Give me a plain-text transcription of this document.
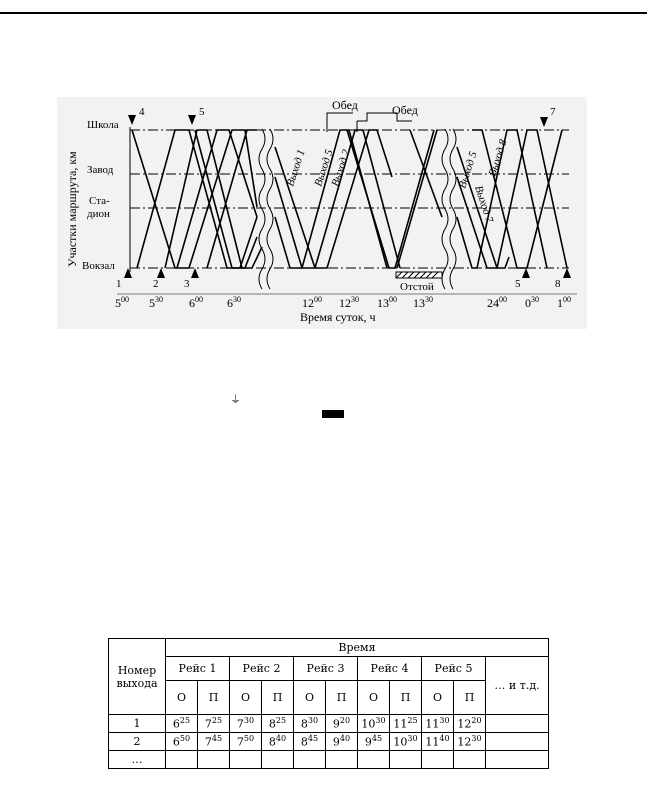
Участки маршрута, км
Школа
Завод
Ста-
дион
Вокзал
4	5	7
1	2 3	5	8
Обед	Обед
Отстой
Выход 1 Выход 5
Выход 2	Выход 5 Выход 8
Выход 7
$5^{00}$ $5^{30}$ $6^{00}$ $6^{30}$	$12^{00}$ $12^{30}$ $13^{00}$ $13^{30}$	$24^{00}$ $0^{30}$ $1^{00}$
Время суток, ч
⏚
Номер выхода	Время										
	Рейс 1		Рейс 2		Рейс 3		Рейс 4		Рейс 5		… и т.д.
	О	П	О	П	О	П	О	П	О	П	
1	$6^{25}$	$7^{25}$	$7^{30}$	$8^{25}$	$8^{30}$	$9^{20}$	$10^{30}$	$11^{25}$	$11^{30}$	$12^{20}$	
2	$6^{50}$	$7^{45}$	$7^{50}$	$8^{40}$	$8^{45}$	$9^{40}$	$9^{45}$	$10^{30}$	$11^{40}$	$12^{30}$	
…											
